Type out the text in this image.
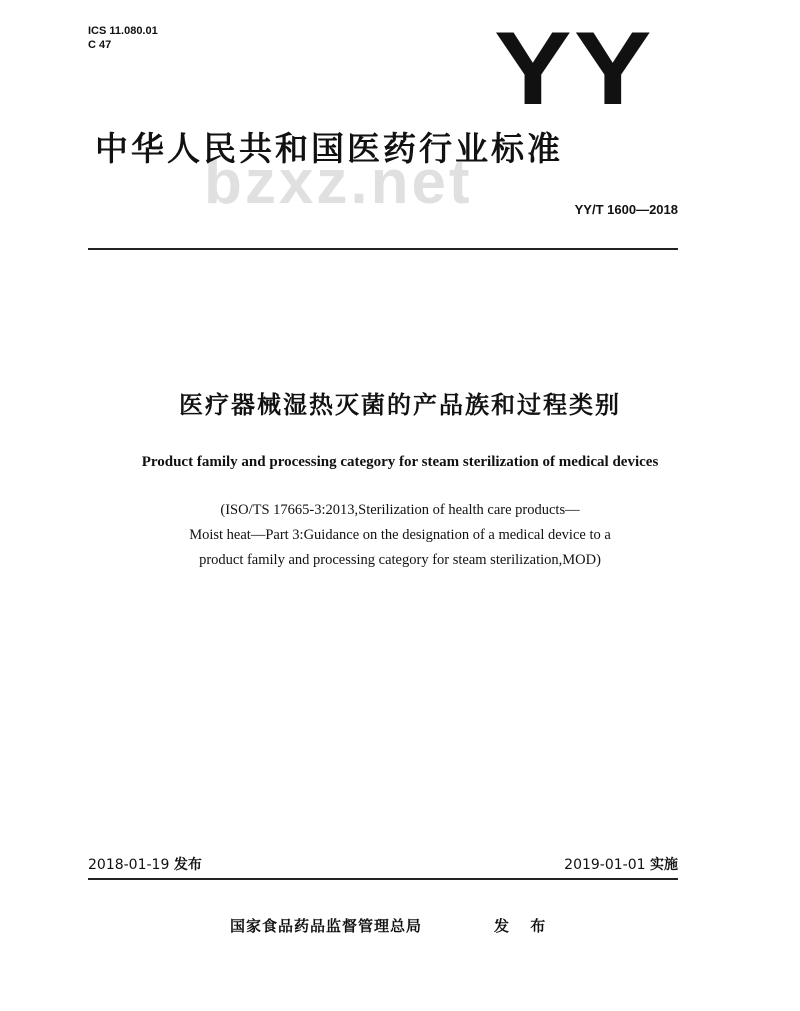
ICS 11.080.01
C 47	YY
bzxz.net
中华人民共和国医药行业标准
YY/T 1600—2018
医疗器械湿热灭菌的产品族和过程类别
Product family and processing category for steam sterilization of medical devices
(ISO/TS 17665-3:2013,Sterilization of health care products—
Moist heat—Part 3:Guidance on the designation of a medical device to a
product family and processing category for steam sterilization,MOD)
2018-01-19 发布	2019-01-01 实施
国家食品药品监督管理总局	发 布
